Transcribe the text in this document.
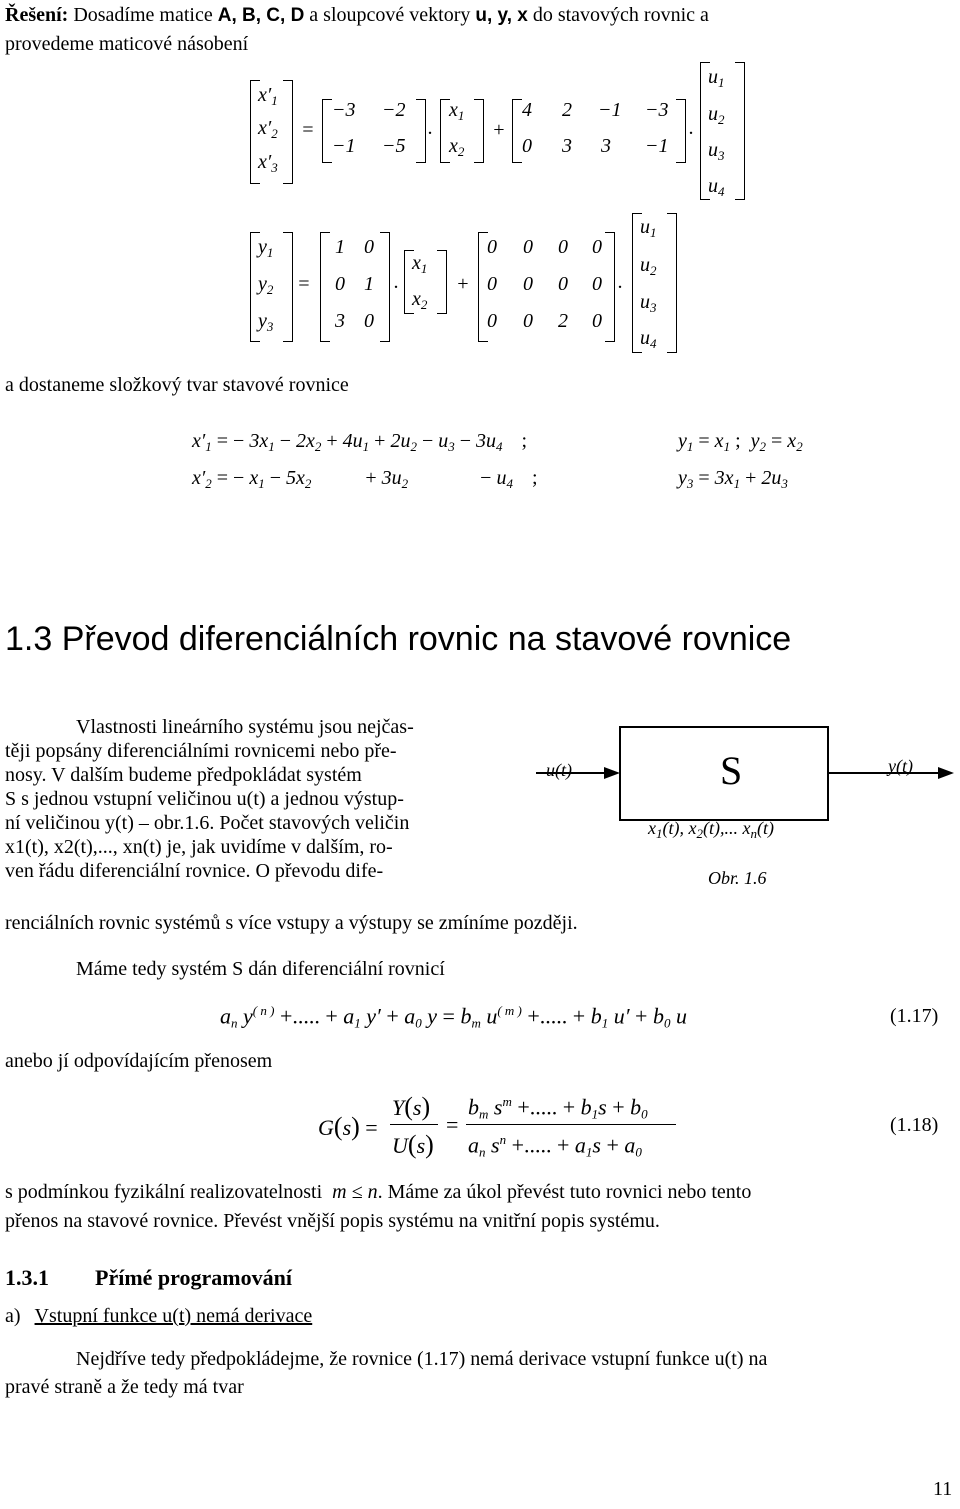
Řešení: Dosadíme matice A, B, C, D a sloupcové vektory u, y, x do stavových rovnic a
provedeme maticové násobení
$x'_1$
$x'_2$
$x'_3$
=
−3 −2
−1 −5
.
$x_1$
$x_2$
+
4 2 −1 −3
0 3 3 −1
.
$u_1$
$u_2$
$u_3$
$u_4$
$y_1$
$y_2$
$y_3$
=
1 0
0 1
3 0
.
$x_1$
$x_2$
+
0 0 0 0
0 0 0 0
0 0 2 0
.
$u_1$
$u_2$
$u_3$
$u_4$
a dostaneme složkový tvar stavové rovnice
$x'_1$ = − $3x_1 - 2x_2 + 4u_1 + 2u_2 - u_3 - 3u_4$ ;
$x'_2$ = − $x_1 - 5x_2$	+ $3u_2$	− $u_4$ ;
$y_1 = x_1$ ;  $y_2 = x_2$
$y_3 = 3x_1 + 2u_3$
1.3 Převod diferenciálních rovnic na stavové rovnice
Vlastnosti lineárního systému jsou nejčas-
těji popsány diferenciálními rovnicemi nebo pře-
nosy. V dalším budeme předpokládat systém
S s jednou vstupní veličinou u(t) a jednou výstup-
ní veličinou y(t) – obr.1.6. Počet stavových veličin
x1(t), x2(t),..., xn(t) je, jak uvidíme v dalším, ro-
ven řádu diferenciální rovnice. O převodu dife-
renciálních rovnic systémů s více vstupy a výstupy se zmíníme později.
u(t)	S	y(t)
$x_1(t)$, $x_2(t)$,... $x_n(t)$
Obr. 1.6
Máme tedy systém S dán diferenciální rovnicí
$a_n$ $y^{( n )}$ +..... + $a_1$ $y' + a_0$ $y = b_m$ $u^{( m )}$ +..... + $b_1$ $u' + b_0$ u	(1.17)
anebo jí odpovídajícím přenosem
G(s) =
Y(s)
U(s)
=
$b_m$ $s^m$ +..... + $b_1s + b_0$
$a_n$ $s^n$ +..... + $a_1s + a_0$
(1.18)
s podmínkou fyzikální realizovatelnosti m ≤ n. Máme za úkol převést tuto rovnici nebo tento
přenos na stavové rovnice. Převést vnější popis systému na vnitřní popis systému.
1.3.1 Přímé programování
a) Vstupní funkce u(t) nemá derivace
Nejdříve tedy předpokládejme, že rovnice (1.17) nemá derivace vstupní funkce u(t) na
pravé straně a že tedy má tvar
11
